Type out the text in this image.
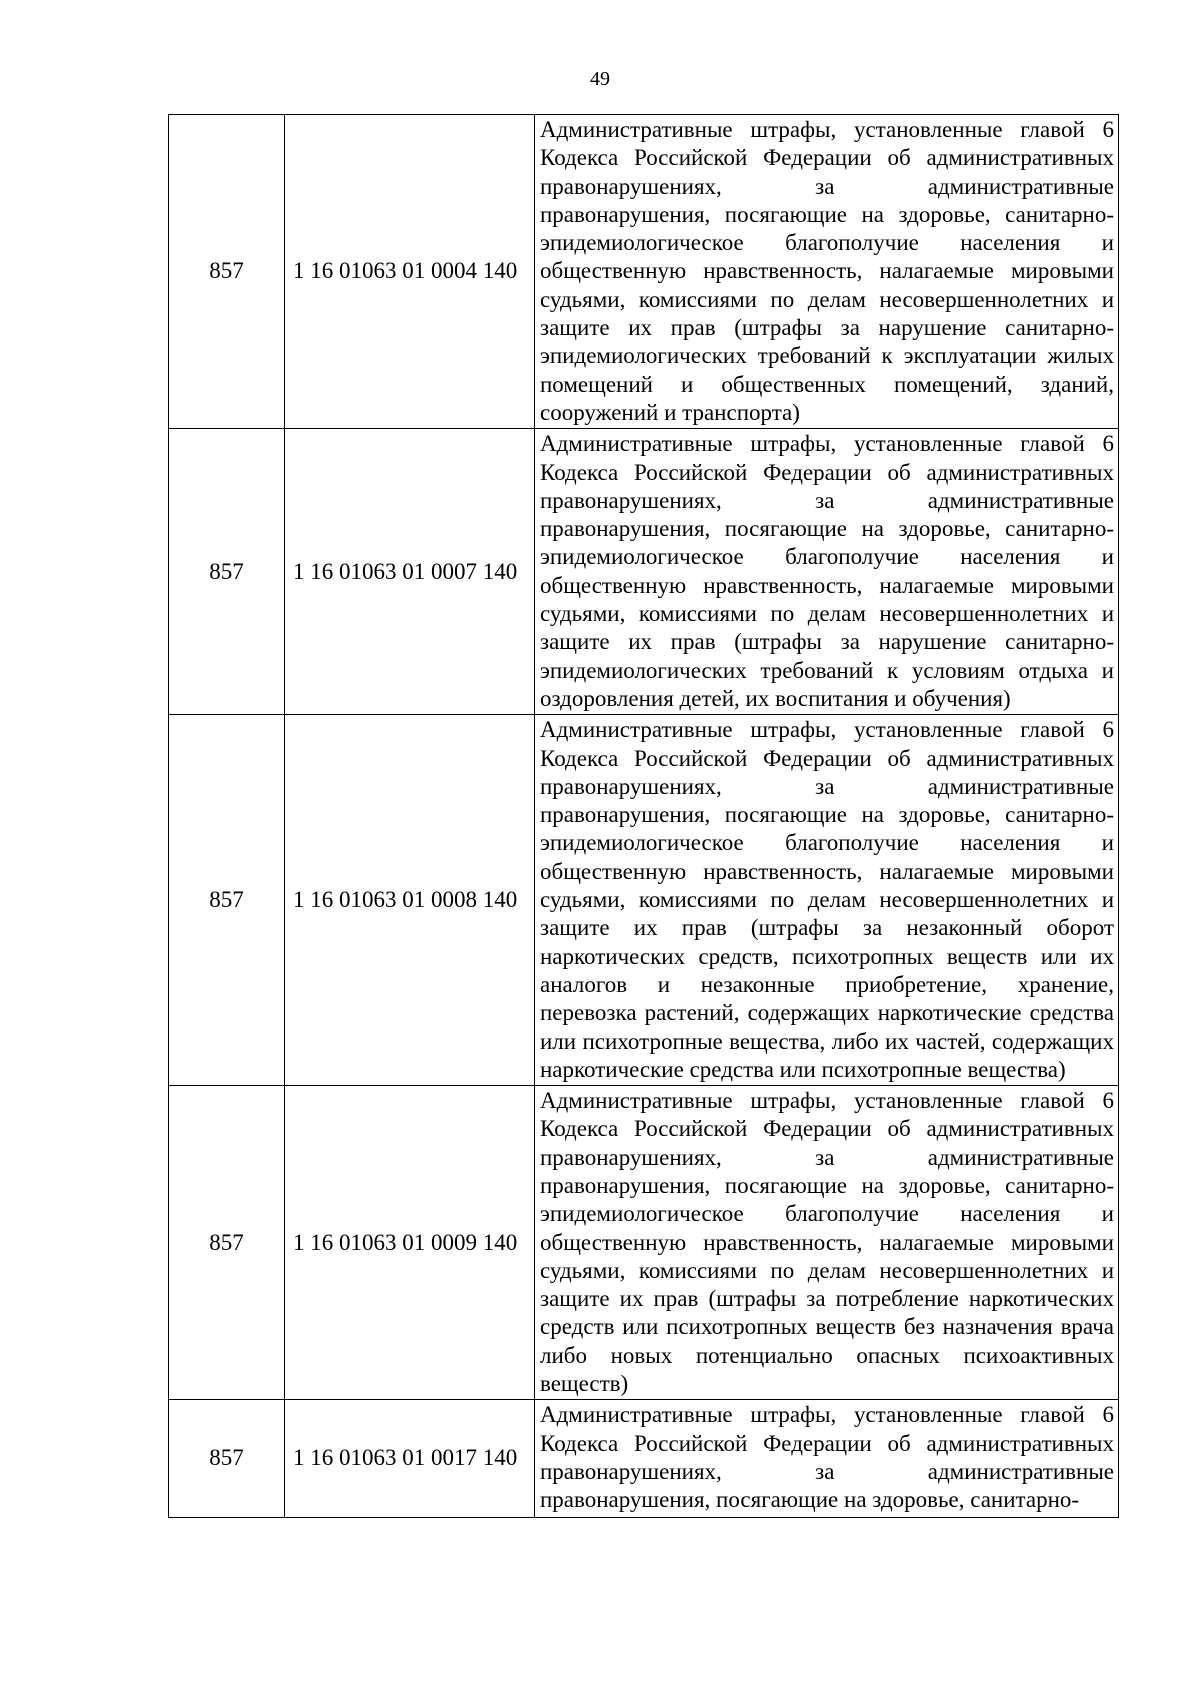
49
857	1 16 01063 01 0004 140	Административные штрафы, установленные главой 6 Кодекса Российской Федерации об административных правонарушениях, за административные правонарушения, посягающие на здоровье, санитарно-эпидемиологическое благополучие населения и общественную нравственность, налагаемые мировыми судьями, комиссиями по делам несовершеннолетних и защите их прав (штрафы за нарушение санитарно-эпидемиологических требований к эксплуатации жилых помещений и общественных помещений, зданий, сооружений и транспорта)
857	1 16 01063 01 0007 140	Административные штрафы, установленные главой 6 Кодекса Российской Федерации об административных правонарушениях, за административные правонарушения, посягающие на здоровье, санитарно-эпидемиологическое благополучие населения и общественную нравственность, налагаемые мировыми судьями, комиссиями по делам несовершеннолетних и защите их прав (штрафы за нарушение санитарно-эпидемиологических требований к условиям отдыха и оздоровления детей, их воспитания и обучения)
857	1 16 01063 01 0008 140	Административные штрафы, установленные главой 6 Кодекса Российской Федерации об административных правонарушениях, за административные правонарушения, посягающие на здоровье, санитарно-эпидемиологическое благополучие населения и общественную нравственность, налагаемые мировыми судьями, комиссиями по делам несовершеннолетних и защите их прав (штрафы за незаконный оборот наркотических средств, психотропных веществ или их аналогов и незаконные приобретение, хранение, перевозка растений, содержащих наркотические средства или психотропные вещества, либо их частей, содержащих наркотические средства или психотропные вещества)
857	1 16 01063 01 0009 140	Административные штрафы, установленные главой 6 Кодекса Российской Федерации об административных правонарушениях, за административные правонарушения, посягающие на здоровье, санитарно-эпидемиологическое благополучие населения и общественную нравственность, налагаемые мировыми судьями, комиссиями по делам несовершеннолетних и защите их прав (штрафы за потребление наркотических средств или психотропных веществ без назначения врача либо новых потенциально опасных психоактивных веществ)
857	1 16 01063 01 0017 140	Административные штрафы, установленные главой 6 Кодекса Российской Федерации об административных правонарушениях, за административные правонарушения, посягающие на здоровье, санитарно-
